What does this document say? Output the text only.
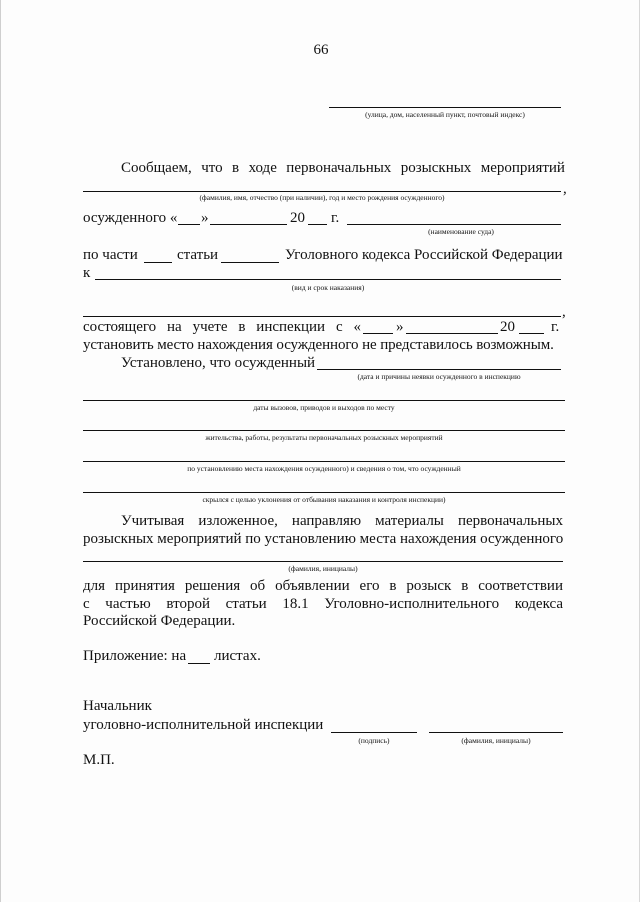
66
(улица, дом, населенный пункт, почтовый индекс)
Сообщаем, что в ходе первоначальных розыскных мероприятий
,
(фамилия, имя, отчество (при наличии), год и место рождения осужденного)
осужденного « »	20 г.
(наименование суда)
по части	статьи	Уголовного кодекса Российской Федерации
к
(вид и срок наказания)
,
состоящего на учете в инспекции с « »	20 г.
установить место нахождения осужденного не представилось возможным.
Установлено, что осужденный
(дата и причины неявки осужденного в инспекцию
даты вызовов, приводов и выходов по месту
жительства, работы, результаты первоначальных розыскных мероприятий
по установлению места нахождения осужденного) и сведения о том, что осужденный
скрылся с целью уклонения от отбывания наказания и контроля инспекции)
Учитывая изложенное, направляю материалы первоначальных
розыскных мероприятий по установлению места нахождения осужденного
(фамилия, инициалы)
для принятия решения об объявлении его в розыск в соответствии
с частью второй статьи 18.1 Уголовно-исполнительного кодекса
Российской Федерации.
Приложение: на листах.
Начальник
уголовно-исполнительной инспекции
(подпись)	(фамилия, инициалы)
М.П.
